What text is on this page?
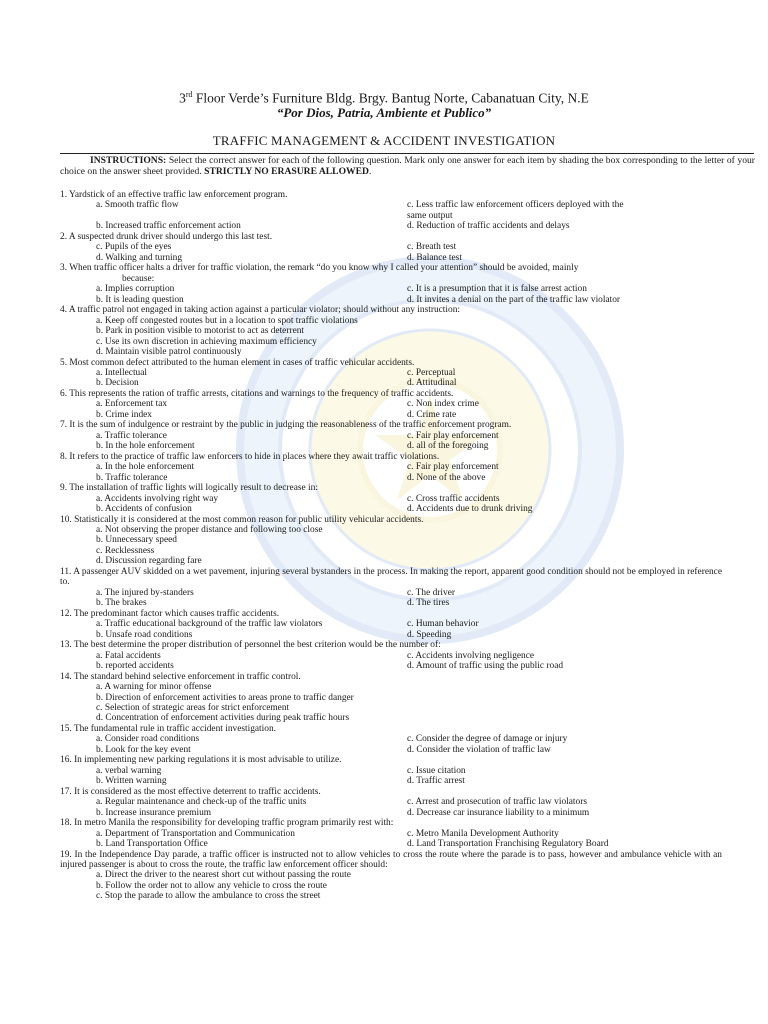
3rd Floor Verde’s Furniture Bldg. Brgy. Bantug Norte, Cabanatuan City, N.E
“Por Dios, Patria, Ambiente et Publico”
TRAFFIC MANAGEMENT & ACCIDENT INVESTIGATION
INSTRUCTIONS: Select the correct answer for each of the following question. Mark only one answer for each item by shading the box corresponding to the letter of your choice on the answer sheet provided. STRICTLY NO ERASURE ALLOWED.
1. Yardstick of an effective traffic law enforcement program.
a. Smooth traffic flow	c. Less traffic law enforcement officers deployed with the
same output
b. Increased traffic enforcement action	d. Reduction of traffic accidents and delays
2. A suspected drunk driver should undergo this last test.
c. Pupils of the eyes	c. Breath test
d. Walking and turning	d. Balance test
3. When traffic officer halts a driver for traffic violation, the remark “do you know why I called your attention” should be avoided, mainly
because:
a. Implies corruption	c. It is a presumption that it is false arrest action
b. It is leading question	d. It invites a denial on the part of the traffic law violator
4. A traffic patrol not engaged in taking action against a particular violator; should without any instruction:
a. Keep off congested routes but in a location to spot traffic violations
b. Park in position visible to motorist to act as deterrent
c. Use its own discretion in achieving maximum efficiency
d. Maintain visible patrol continuously
5. Most common defect attributed to the human element in cases of traffic vehicular accidents.
a. Intellectual	c. Perceptual
b. Decision	d. Attitudinal
6. This represents the ration of traffic arrests, citations and warnings to the frequency of traffic accidents.
a. Enforcement tax	c. Non index crime
b. Crime index	d. Crime rate
7. It is the sum of indulgence or restraint by the public in judging the reasonableness of the traffic enforcement program.
a. Traffic tolerance	c. Fair play enforcement
b. In the hole enforcement	d. all of the foregoing
8. It refers to the practice of traffic law enforcers to hide in places where they await traffic violations.
a. In the hole enforcement	c. Fair play enforcement
b. Traffic tolerance	d. None of the above
9. The installation of traffic lights will logically result to decrease in:
a. Accidents involving right way	c. Cross traffic accidents
b. Accidents of confusion	d. Accidents due to drunk driving
10. Statistically it is considered at the most common reason for public utility vehicular accidents.
a. Not observing the proper distance and following too close
b. Unnecessary speed
c. Recklessness
d. Discussion regarding fare
11. A passenger AUV skidded on a wet pavement, injuring several bystanders in the process. In making the report, apparent good condition should not be employed in reference to.
a. The injured by-standers	c. The driver
b. The brakes	d. The tires
12. The predominant factor which causes traffic accidents.
a. Traffic educational background of the traffic law violators	c. Human behavior
b. Unsafe road conditions	d. Speeding
13. The best determine the proper distribution of personnel the best criterion would be the number of:
a. Fatal accidents	c. Accidents involving negligence
b. reported accidents	d. Amount of traffic using the public road
14. The standard behind selective enforcement in traffic control.
a. A warning for minor offense
b. Direction of enforcement activities to areas prone to traffic danger
c. Selection of strategic areas for strict enforcement
d. Concentration of enforcement activities during peak traffic hours
15. The fundamental rule in traffic accident investigation.
a. Consider road conditions	c. Consider the degree of damage or injury
b. Look for the key event	d. Consider the violation of traffic law
16. In implementing new parking regulations it is most advisable to utilize.
a. verbal warning	c. Issue citation
b. Written warning	d. Traffic arrest
17. It is considered as the most effective deterrent to traffic accidents.
a. Regular maintenance and check-up of the traffic units	c. Arrest and prosecution of traffic law violators
b. Increase insurance premium	d. Decrease car insurance liability to a minimum
18. In metro Manila the responsibility for developing traffic program primarily rest with:
a. Department of Transportation and Communication	c. Metro Manila Development Authority
b. Land Transportation Office	d. Land Transportation Franchising Regulatory Board
19. In the Independence Day parade, a traffic officer is instructed not to allow vehicles to cross the route where the parade is to pass, however and ambulance vehicle with an injured passenger is about to cross the route, the traffic law enforcement officer should:
a. Direct the driver to the nearest short cut without passing the route
b. Follow the order not to allow any vehicle to cross the route
c. Stop the parade to allow the ambulance to cross the street
